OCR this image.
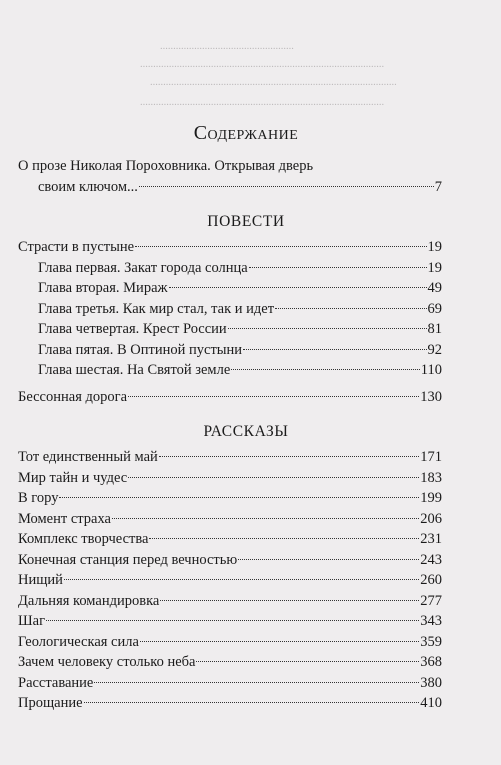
...................................................
.............................................................................................
..............................................................................................
.............................................................................................
Содержание
О прозе Николая Пороховника. Открывая дверь
своим ключом...	7
ПОВЕСТИ
Страсти в пустыне	19
Глава первая. Закат города солнца	19
Глава вторая. Мираж	49
Глава третья. Как мир стал, так и идет	69
Глава четвертая. Крест России	81
Глава пятая. В Оптиной пустыни	92
Глава шестая. На Святой земле	110
Бессонная дорога	130
РАССКАЗЫ
Тот единственный май	171
Мир тайн и чудес	183
В гору	199
Момент страха	206
Комплекс творчества	231
Конечная станция перед вечностью	243
Нищий	260
Дальняя командировка	277
Шаг	343
Геологическая сила	359
Зачем человеку столько неба	368
Расставание	380
Прощание	410
